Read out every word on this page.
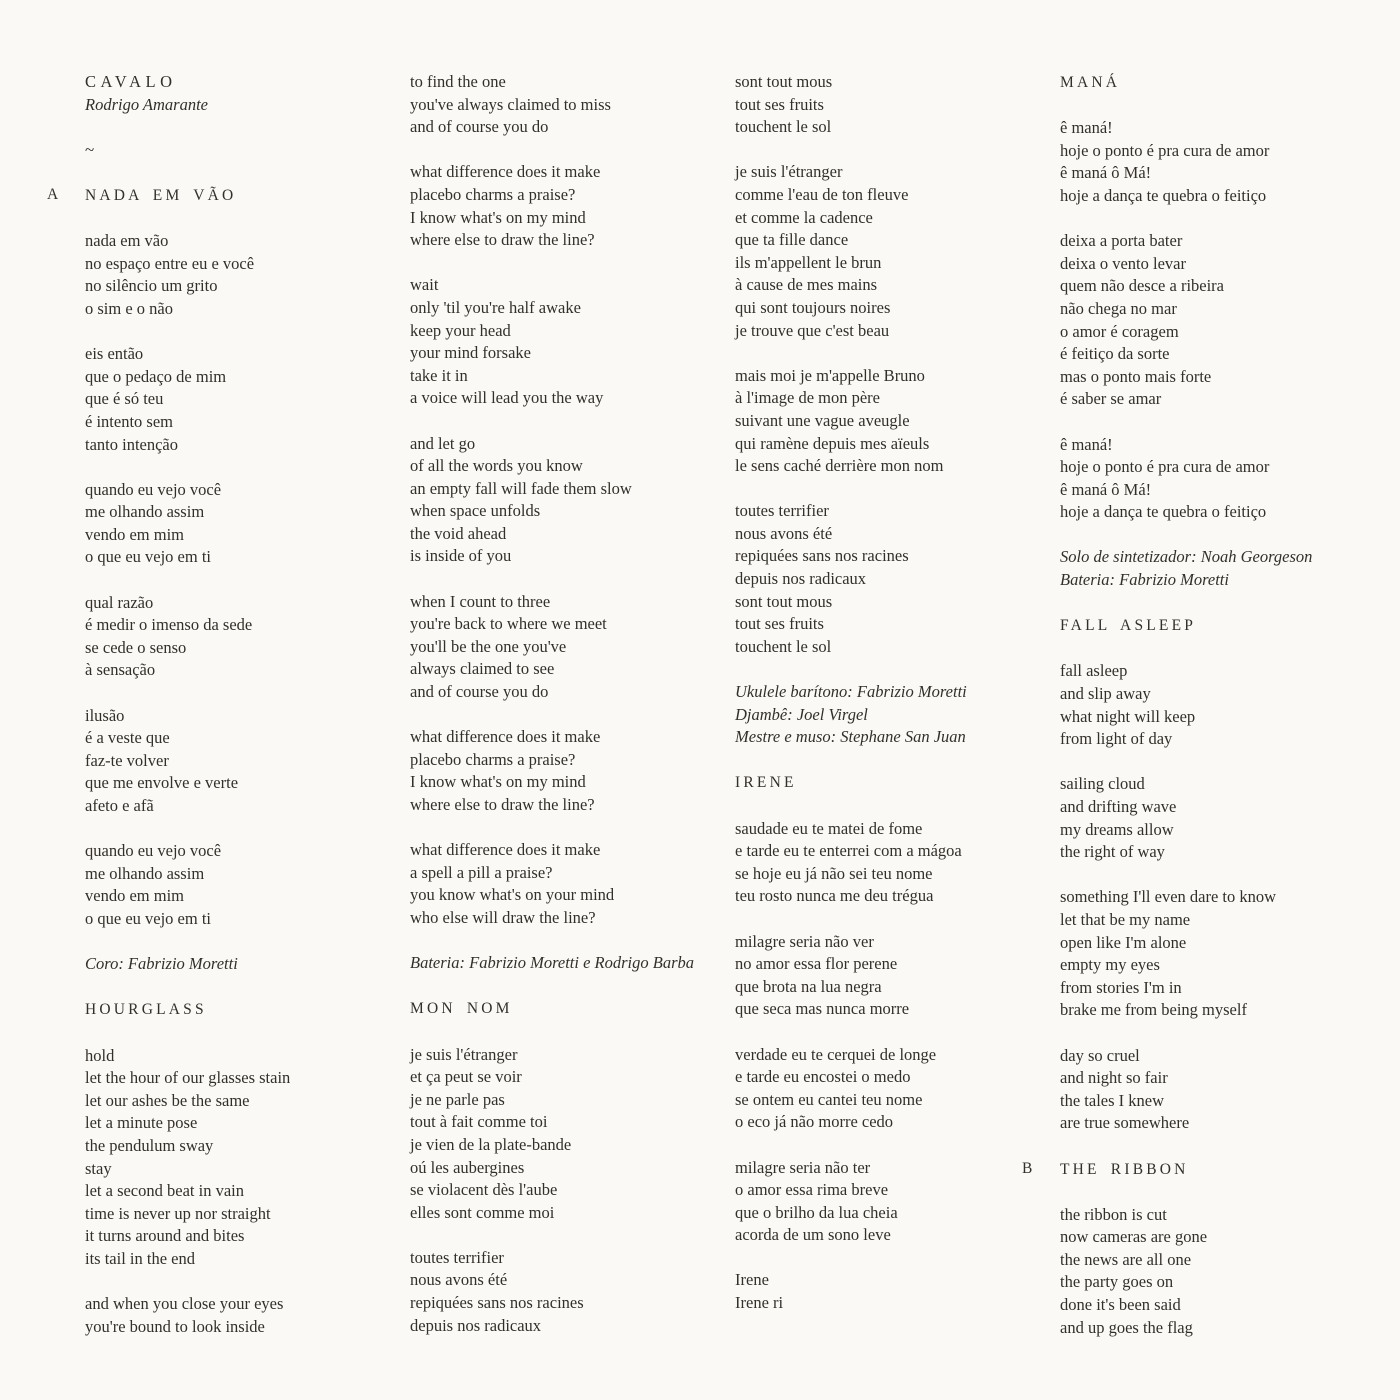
CAVALO
Rodrigo Amarante
~
A NADA EM VÃO

nada em vão
no espaço entre eu e você
no silêncio um grito
o sim e o não

eis então
que o pedaço de mim
que é só teu
é intento sem
tanto intenção

quando eu vejo você
me olhando assim
vendo em mim
o que eu vejo em ti

qual razão
é medir o imenso da sede
se cede o senso
à sensação

ilusão
é a veste que
faz-te volver
que me envolve e verte
afeto e afã

quando eu vejo você
me olhando assim
vendo em mim
o que eu vejo em ti

Coro: Fabrizio Moretti

HOURGLASS

hold
let the hour of our glasses stain
let our ashes be the same
let a minute pose
the pendulum sway
stay
let a second beat in vain
time is never up nor straight
it turns around and bites
its tail in the end

and when you close your eyes
you're bound to look inside

to find the one
you've always claimed to miss
and of course you do

what difference does it make
placebo charms a praise?
I know what's on my mind
where else to draw the line?

wait
only 'til you're half awake
keep your head
your mind forsake
take it in
a voice will lead you the way

and let go
of all the words you know
an empty fall will fade them slow
when space unfolds
the void ahead
is inside of you

when I count to three
you're back to where we meet
you'll be the one you've
always claimed to see
and of course you do

what difference does it make
placebo charms a praise?
I know what's on my mind
where else to draw the line?

what difference does it make
a spell a pill a praise?
you know what's on your mind
who else will draw the line?

Bateria: Fabrizio Moretti e Rodrigo Barba

MON NOM

je suis l'étranger
et ça peut se voir
je ne parle pas
tout à fait comme toi
je vien de la plate-bande
oú les aubergines
se violacent dès l'aube
elles sont comme moi

toutes terrifier
nous avons été
repiquées sans nos racines
depuis nos radicaux

sont tout mous
tout ses fruits
touchent le sol

je suis l'étranger
comme l'eau de ton fleuve
et comme la cadence
que ta fille dance
ils m'appellent le brun
à cause de mes mains
qui sont toujours noires
je trouve que c'est beau

mais moi je m'appelle Bruno
à l'image de mon père
suivant une vague aveugle
qui ramène depuis mes aïeuls
le sens caché derrière mon nom

toutes terrifier
nous avons été
repiquées sans nos racines
depuis nos radicaux
sont tout mous
tout ses fruits
touchent le sol

Ukulele barítono: Fabrizio Moretti
Djambê: Joel Virgel
Mestre e muso: Stephane San Juan

IRENE

saudade eu te matei de fome
e tarde eu te enterrei com a mágoa
se hoje eu já não sei teu nome
teu rosto nunca me deu trégua

milagre seria não ver
no amor essa flor perene
que brota na lua negra
que seca mas nunca morre

verdade eu te cerquei de longe
e tarde eu encostei o medo
se ontem eu cantei teu nome
o eco já não morre cedo

milagre seria não ter
o amor essa rima breve
que o brilho da lua cheia
acorda de um sono leve

Irene
Irene ri

MANÁ

ê maná!
hoje o ponto é pra cura de amor
ê maná ô Má!
hoje a dança te quebra o feitiço

deixa a porta bater
deixa o vento levar
quem não desce a ribeira
não chega no mar
o amor é coragem
é feitiço da sorte
mas o ponto mais forte
é saber se amar

ê maná!
hoje o ponto é pra cura de amor
ê maná ô Má!
hoje a dança te quebra o feitiço

Solo de sintetizador: Noah Georgeson
Bateria: Fabrizio Moretti

FALL ASLEEP

fall asleep
and slip away
what night will keep
from light of day

sailing cloud
and drifting wave
my dreams allow
the right of way

something I'll even dare to know
let that be my name
open like I'm alone
empty my eyes
from stories I'm in
brake me from being myself

day so cruel
and night so fair
the tales I knew
are true somewhere

B THE RIBBON

the ribbon is cut
now cameras are gone
the news are all one
the party goes on
done it's been said
and up goes the flag
